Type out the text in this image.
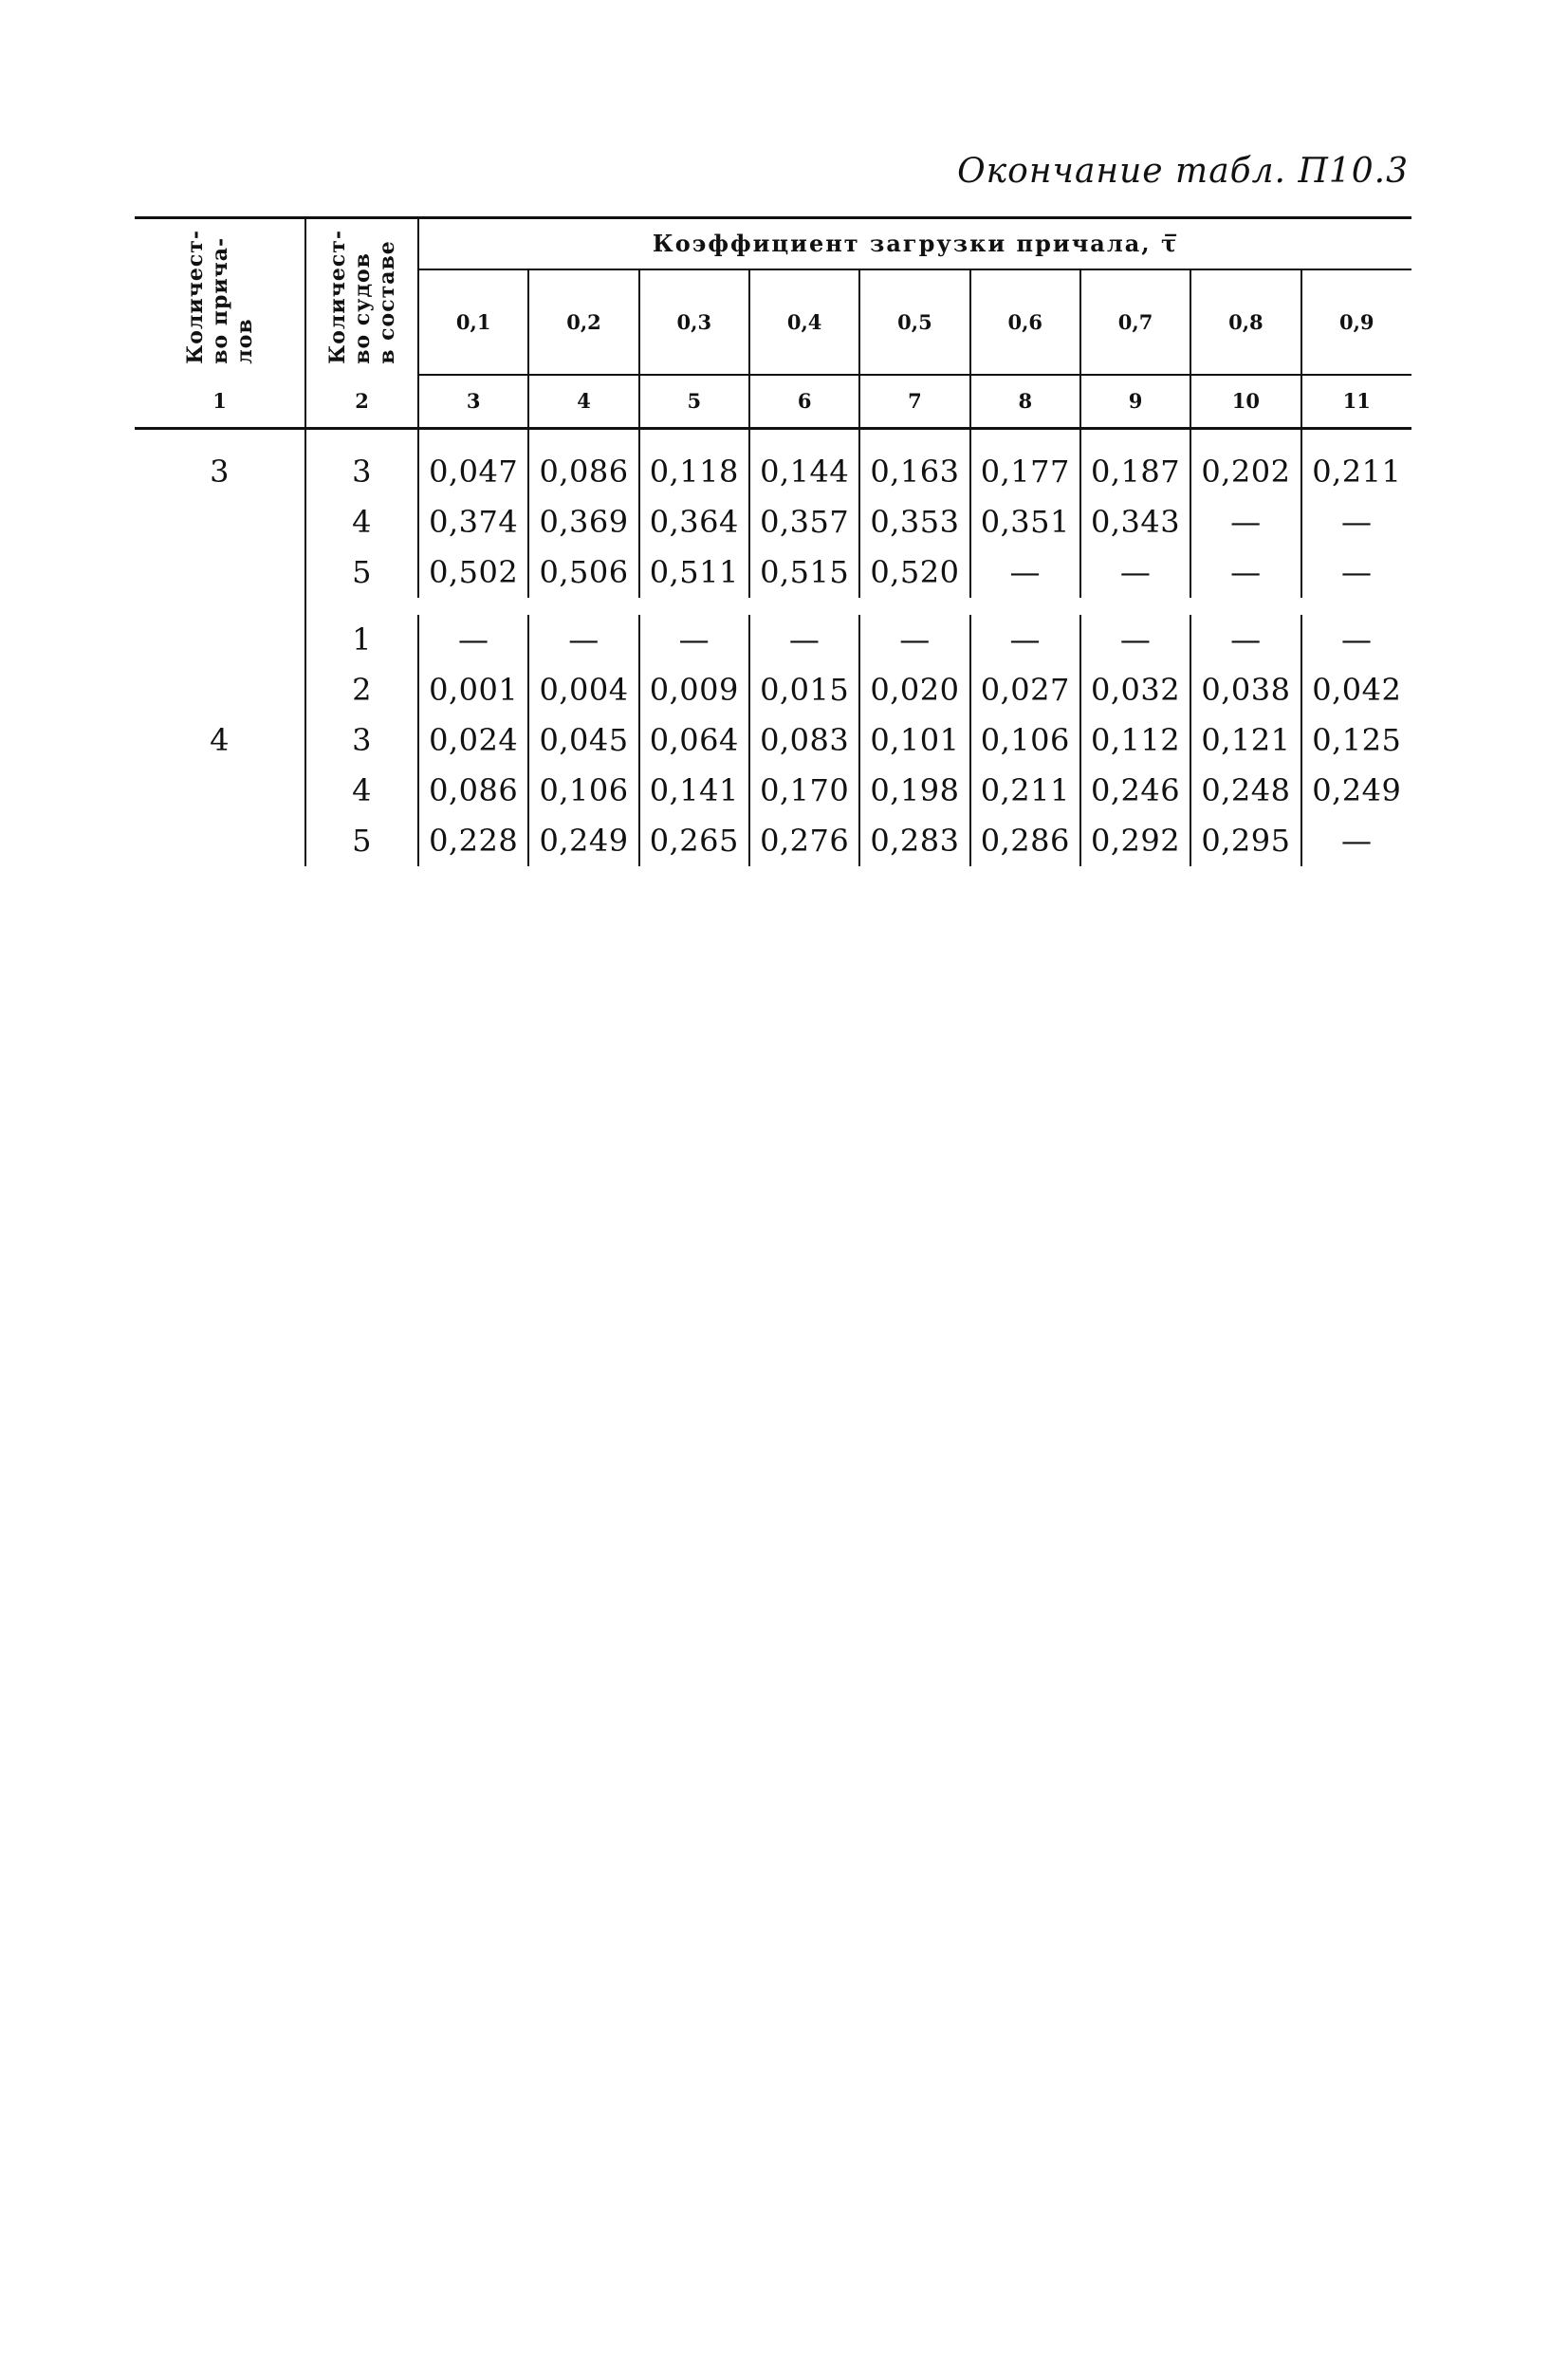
Окончание табл. П10.3
Количест-
во прича-
лов	Количест-
во судов
в составе	Коэффициент загрузки причала, τ̅								
		0,1	0,2	0,3	0,4	0,5	0,6	0,7	0,8	0,9
1	2	3	4	5	6	7	8	9	10	11
3	3	0,047	0,086	0,118	0,144	0,163	0,177	0,187	0,202	0,211
	4	0,374	0,369	0,364	0,357	0,353	0,351	0,343	—	—
	5	0,502	0,506	0,511	0,515	0,520	—	—	—	—

	1	—	—	—	—	—	—	—	—	—
	2	0,001	0,004	0,009	0,015	0,020	0,027	0,032	0,038	0,042
4	3	0,024	0,045	0,064	0,083	0,101	0,106	0,112	0,121	0,125
	4	0,086	0,106	0,141	0,170	0,198	0,211	0,246	0,248	0,249
	5	0,228	0,249	0,265	0,276	0,283	0,286	0,292	0,295	—
